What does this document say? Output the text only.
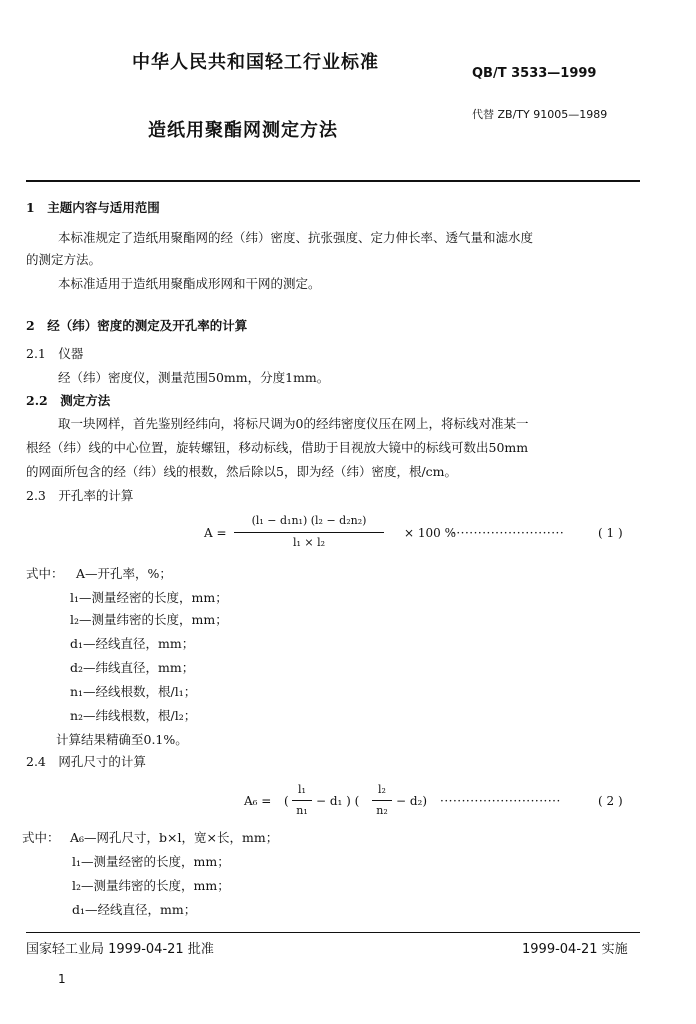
中华人民共和国轻工行业标准
QB/T 3533—1999
代替 ZB/TY 91005—1989
造纸用聚酯网测定方法
1　主题内容与适用范围
本标准规定了造纸用聚酯网的经（纬）密度、抗张强度、定力伸长率、透气量和滤水度
的测定方法。
本标准适用于造纸用聚酯成形网和干网的测定。
2　经（纬）密度的测定及开孔率的计算
2.1　仪器
经（纬）密度仪，测量范围50mm，分度1mm。
2.2　测定方法
取一块网样，首先鉴别经纬向，将标尺调为0的经纬密度仪压在网上，将标线对准某一
根经（纬）线的中心位置，旋转螺钮，移动标线，借助于目视放大镜中的标线可数出50mm
的网面所包含的经（纬）线的根数，然后除以5，即为经（纬）密度，根/cm。
2.3　开孔率的计算
A =
(l₁ − d₁n₁) (l₂ − d₂n₂)
l₁ × l₂
× 100 %
··························	( 1 )
式中： A—开孔率，%；
l₁—测量经密的长度，mm；
l₂—测量纬密的长度，mm；
d₁—经线直径，mm；
d₂—纬线直径，mm；
n₁—经线根数，根/l₁；
n₂—纬线根数，根/l₂；
计算结果精确至0.1%。
2.4　网孔尺寸的计算
A₆ = (
l₁
n₁
− d₁ ) (
l₂
n₂
− d₂) ····························	( 2 )
式中： A₆—网孔尺寸，b×l，宽×长，mm；
l₁—测量经密的长度，mm；
l₂—测量纬密的长度，mm；
d₁—经线直径，mm；
国家轻工业局 1999-04-21 批准	1999-04-21 实施
1
